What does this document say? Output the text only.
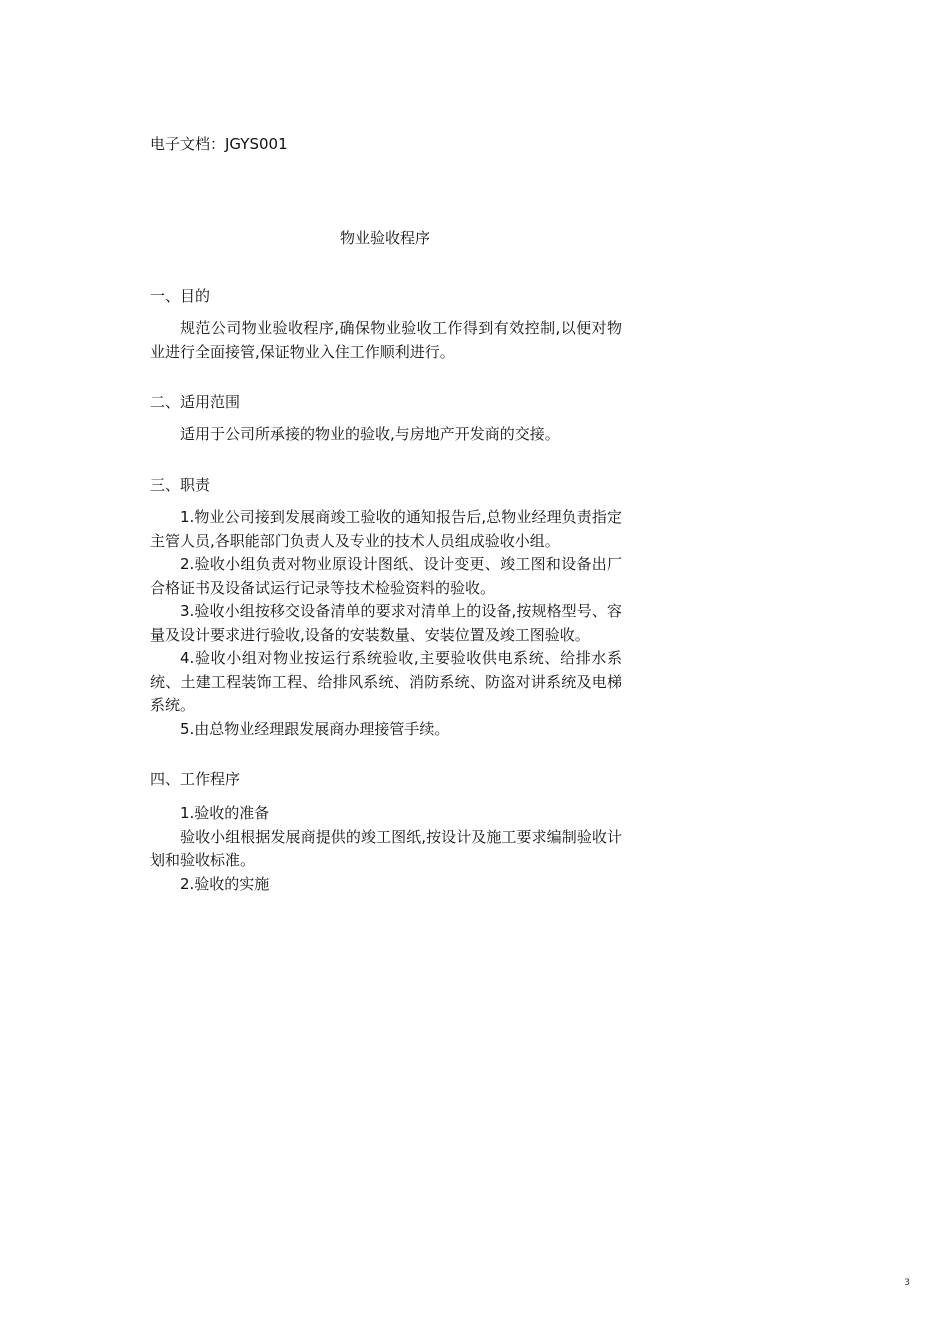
电子文档：JGYS001
物业验收程序
一、目的

规范公司物业验收程序,确保物业验收工作得到有效控制,以便对物业进行全面接管,保证物业入住工作顺利进行。

二、适用范围

适用于公司所承接的物业的验收,与房地产开发商的交接。

三、职责

1.物业公司接到发展商竣工验收的通知报告后,总物业经理负责指定主管人员,各职能部门负责人及专业的技术人员组成验收小组。

2.验收小组负责对物业原设计图纸、设计变更、竣工图和设备出厂合格证书及设备试运行记录等技术检验资料的验收。

3.验收小组按移交设备清单的要求对清单上的设备,按规格型号、容量及设计要求进行验收,设备的安装数量、安装位置及竣工图验收。

4.验收小组对物业按运行系统验收,主要验收供电系统、给排水系统、土建工程装饰工程、给排风系统、消防系统、防盗对讲系统及电梯系统。

5.由总物业经理跟发展商办理接管手续。

四、工作程序

1.验收的准备

验收小组根据发展商提供的竣工图纸,按设计及施工要求编制验收计划和验收标准。

2.验收的实施

3
